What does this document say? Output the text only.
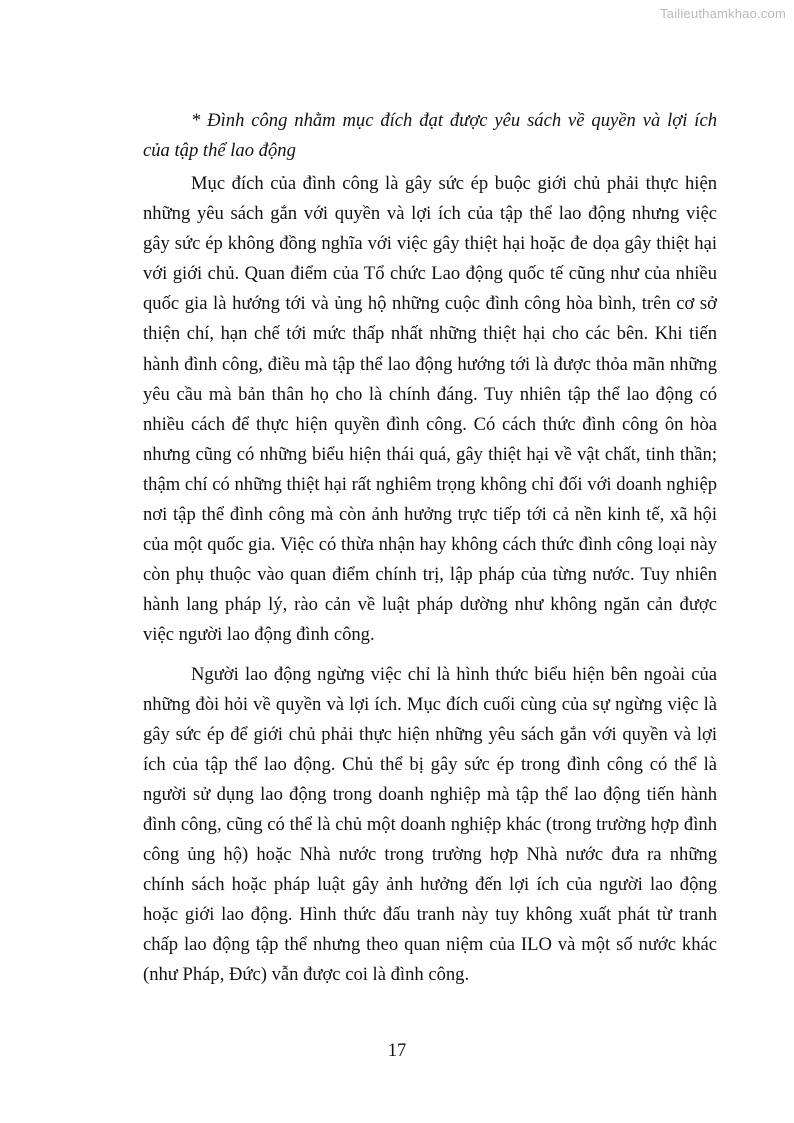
Tailieuthamkhao.com

* Đình công nhằm mục đích đạt được yêu sách về quyền và lợi ích của tập thể lao động

Mục đích của đình công là gây sức ép buộc giới chủ phải thực hiện những yêu sách gắn với quyền và lợi ích của tập thể lao động nhưng việc gây sức ép không đồng nghĩa với việc gây thiệt hại hoặc đe dọa gây thiệt hại với giới chủ. Quan điểm của Tổ chức Lao động quốc tế cũng như của nhiều quốc gia là hướng tới và ủng hộ những cuộc đình công hòa bình, trên cơ sở thiện chí, hạn chế tới mức thấp nhất những thiệt hại cho các bên. Khi tiến hành đình công, điều mà tập thể lao động hướng tới là được thỏa mãn những yêu cầu mà bản thân họ cho là chính đáng. Tuy nhiên tập thể lao động có nhiều cách để thực hiện quyền đình công. Có cách thức đình công ôn hòa nhưng cũng có những biểu hiện thái quá, gây thiệt hại về vật chất, tinh thần; thậm chí có những thiệt hại rất nghiêm trọng không chỉ đối với doanh nghiệp nơi tập thể đình công mà còn ảnh hưởng trực tiếp tới cả nền kinh tế, xã hội của một quốc gia. Việc có thừa nhận hay không cách thức đình công loại này còn phụ thuộc vào quan điểm chính trị, lập pháp của từng nước. Tuy nhiên hành lang pháp lý, rào cản về luật pháp dường như không ngăn cản được việc người lao động đình công.

Người lao động ngừng việc chỉ là hình thức biểu hiện bên ngoài của những đòi hỏi về quyền và lợi ích. Mục đích cuối cùng của sự ngừng việc là gây sức ép để giới chủ phải thực hiện những yêu sách gắn với quyền và lợi ích của tập thể lao động. Chủ thể bị gây sức ép trong đình công có thể là người sử dụng lao động trong doanh nghiệp mà tập thể lao động tiến hành đình công, cũng có thể là chủ một doanh nghiệp khác (trong trường hợp đình công ủng hộ) hoặc Nhà nước trong trường hợp Nhà nước đưa ra những chính sách hoặc pháp luật gây ảnh hưởng đến lợi ích của người lao động hoặc giới lao động. Hình thức đấu tranh này tuy không xuất phát từ tranh chấp lao động tập thể nhưng theo quan niệm của ILO và một số nước khác (như Pháp, Đức) vẫn được coi là đình công.

17
